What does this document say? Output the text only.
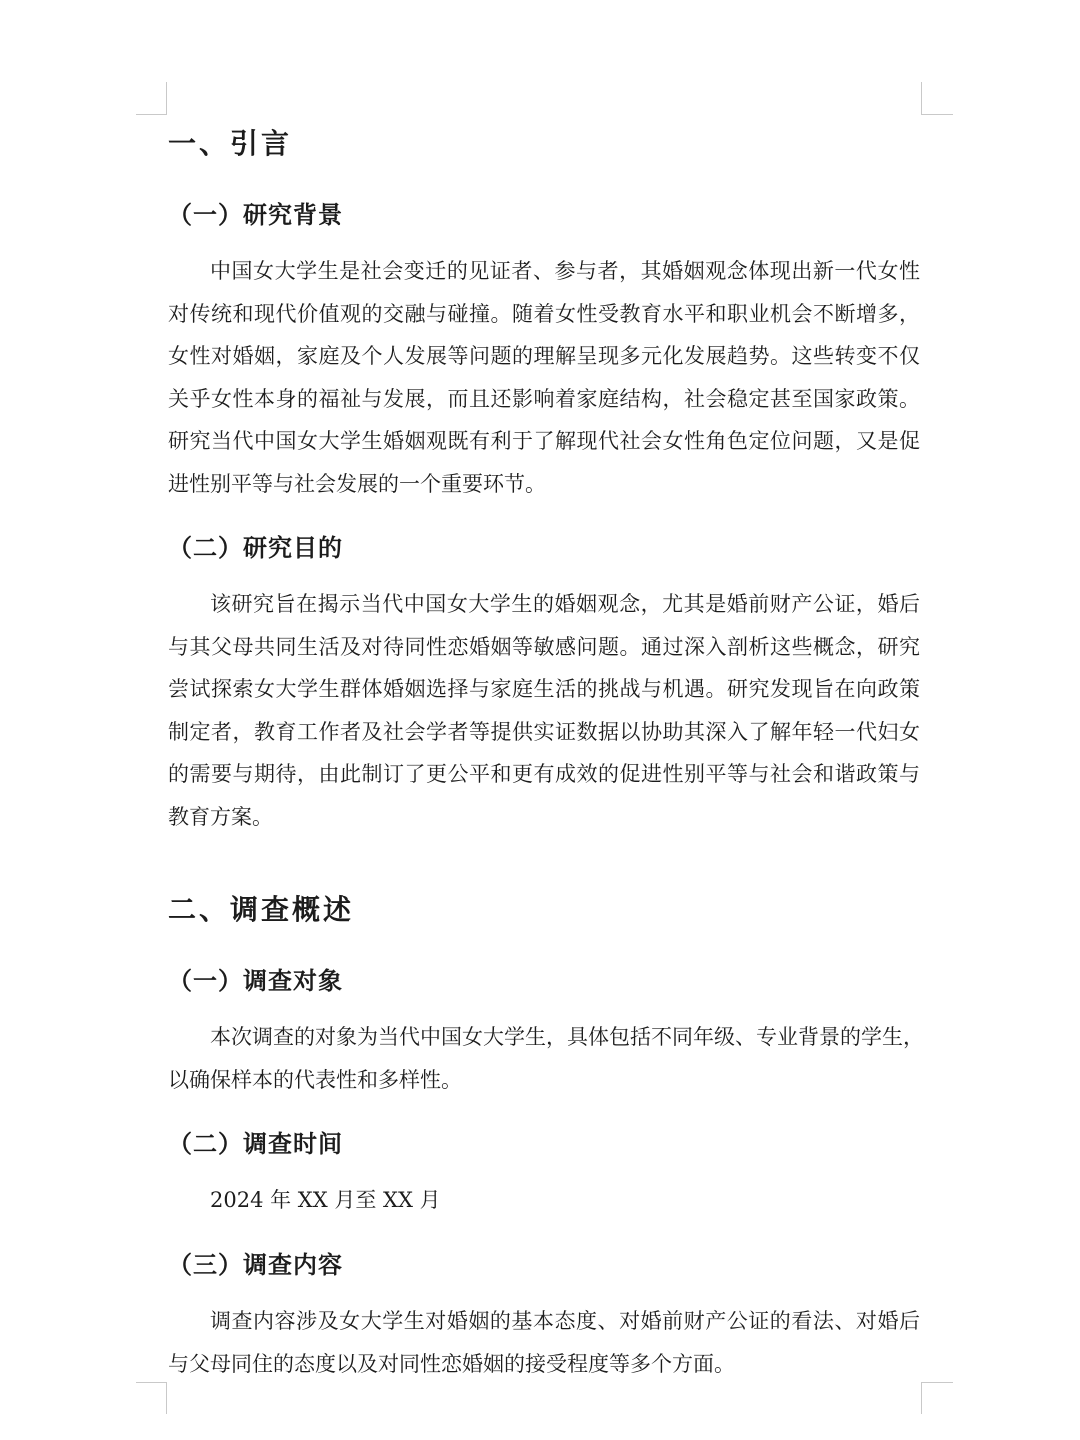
一、引言
（一）研究背景
中国女大学生是社会变迁的见证者、参与者，其婚姻观念体现出新一代女性
对传统和现代价值观的交融与碰撞。随着女性受教育水平和职业机会不断增多，
女性对婚姻，家庭及个人发展等问题的理解呈现多元化发展趋势。这些转变不仅
关乎女性本身的福祉与发展，而且还影响着家庭结构，社会稳定甚至国家政策。
研究当代中国女大学生婚姻观既有利于了解现代社会女性角色定位问题，又是促
进性别平等与社会发展的一个重要环节。
（二）研究目的
该研究旨在揭示当代中国女大学生的婚姻观念，尤其是婚前财产公证，婚后
与其父母共同生活及对待同性恋婚姻等敏感问题。通过深入剖析这些概念，研究
尝试探索女大学生群体婚姻选择与家庭生活的挑战与机遇。研究发现旨在向政策
制定者，教育工作者及社会学者等提供实证数据以协助其深入了解年轻一代妇女
的需要与期待，由此制订了更公平和更有成效的促进性别平等与社会和谐政策与
教育方案。
二、调查概述
（一）调查对象
本次调查的对象为当代中国女大学生，具体包括不同年级、专业背景的学生，
以确保样本的代表性和多样性。
（二）调查时间
2024 年 XX 月至 XX 月
（三）调查内容
调查内容涉及女大学生对婚姻的基本态度、对婚前财产公证的看法、对婚后
与父母同住的态度以及对同性恋婚姻的接受程度等多个方面。
